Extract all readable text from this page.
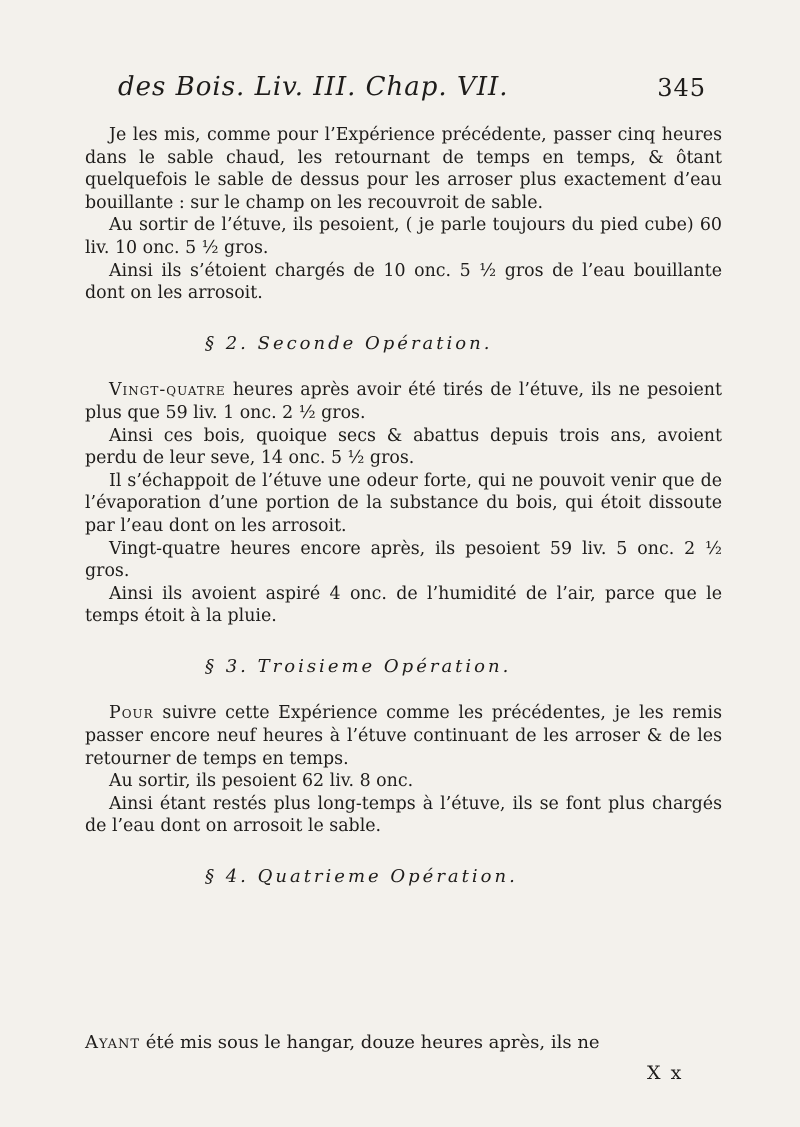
des Bois. Liv. III. Chap. VII.	345

Je les mis, comme pour l’Expérience précédente, passer cinq heures dans le sable chaud, les retournant de temps en temps, & ôtant quelquefois le sable de dessus pour les arroser plus exactement d’eau bouillante : sur le champ on les recouvroit de sable.

Au sortir de l’étuve, ils pesoient, ( je parle toujours du pied cube) 60 liv. 10 onc. 5 ½ gros.

Ainsi ils s’étoient chargés de 10 onc. 5 ½ gros de l’eau bouillante dont on les arrosoit.

§ 2. Seconde Opération.

Vingt-quatre heures après avoir été tirés de l’étuve, ils ne pesoient plus que 59 liv. 1 onc. 2 ½ gros.

Ainsi ces bois, quoique secs & abattus depuis trois ans, avoient perdu de leur seve, 14 onc. 5 ½ gros.

Il s’échappoit de l’étuve une odeur forte, qui ne pouvoit venir que de l’évaporation d’une portion de la substance du bois, qui étoit dissoute par l’eau dont on les arrosoit.

Vingt-quatre heures encore après, ils pesoient 59 liv. 5 onc. 2 ½ gros.

Ainsi ils avoient aspiré 4 onc. de l’humidité de l’air, parce que le temps étoit à la pluie.

§ 3. Troisieme Opération.

Pour suivre cette Expérience comme les précédentes, je les remis passer encore neuf heures à l’étuve continuant de les arroser & de les retourner de temps en temps.

Au sortir, ils pesoient 62 liv. 8 onc.

Ainsi étant restés plus long-temps à l’étuve, ils se font plus chargés de l’eau dont on arrosoit le sable.

§ 4. Quatrieme Opération.
Ayant été mis sous le hangar, douze heures après, ils ne
X x
